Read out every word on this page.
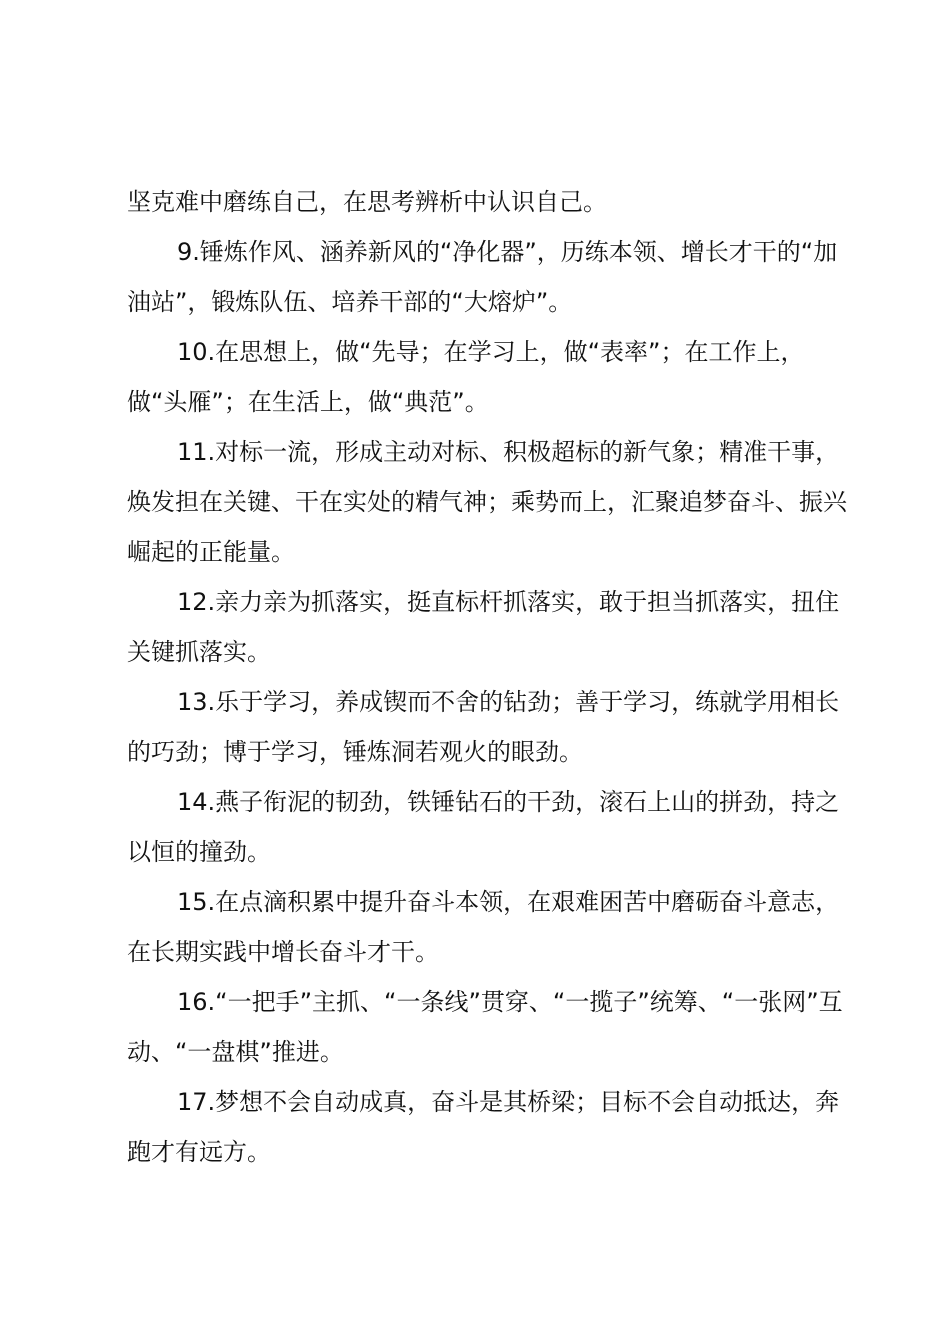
坚克难中磨练自己，在思考辨析中认识自己。

9.锤炼作风、涵养新风的“净化器”，历练本领、增长才干的“加油站”，锻炼队伍、培养干部的“大熔炉”。

10.在思想上，做“先导；在学习上，做“表率”；在工作上，做“头雁”；在生活上，做“典范”。

11.对标一流，形成主动对标、积极超标的新气象；精准干事，焕发担在关键、干在实处的精气神；乘势而上，汇聚追梦奋斗、振兴崛起的正能量。

12.亲力亲为抓落实，挺直标杆抓落实，敢于担当抓落实，扭住关键抓落实。

13.乐于学习，养成锲而不舍的钻劲；善于学习，练就学用相长的巧劲；博于学习，锤炼洞若观火的眼劲。

14.燕子衔泥的韧劲，铁锤钻石的干劲，滚石上山的拼劲，持之以恒的撞劲。

15.在点滴积累中提升奋斗本领，在艰难困苦中磨砺奋斗意志，在长期实践中增长奋斗才干。

16.“一把手”主抓、“一条线”贯穿、“一揽子”统筹、“一张网”互动、“一盘棋”推进。

17.梦想不会自动成真，奋斗是其桥梁；目标不会自动抵达，奔跑才有远方。
